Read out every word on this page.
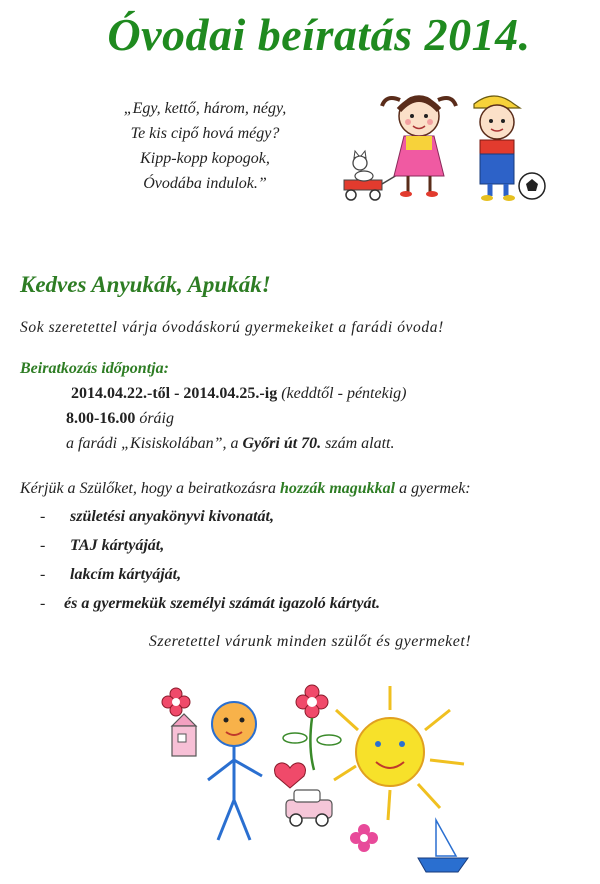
Óvodai beíratás 2014.
„Egy, kettő, három, négy,
Te kis cipő hová mégy?
Kipp-kopp kopogok,
Óvodába indulok.”
Kedves Anyukák, Apukák!
Sok szeretettel várja óvodáskorú gyermekeiket a farádi óvoda!
Beiratkozás időpontja:
2014.04.22.-től - 2014.04.25.-ig (keddtől - péntekig)
8.00-16.00 óráig
a farádi „Kisiskolában”, a Győri út 70. szám alatt.
Kérjük a Szülőket, hogy a beiratkozásra hozzák magukkal a gyermek:
- születési anyakönyvi kivonatát,
- TAJ kártyáját,
- lakcím kártyáját,
- és a gyermekük személyi számát igazoló kártyát.
Szeretettel várunk minden szülőt és gyermeket!
